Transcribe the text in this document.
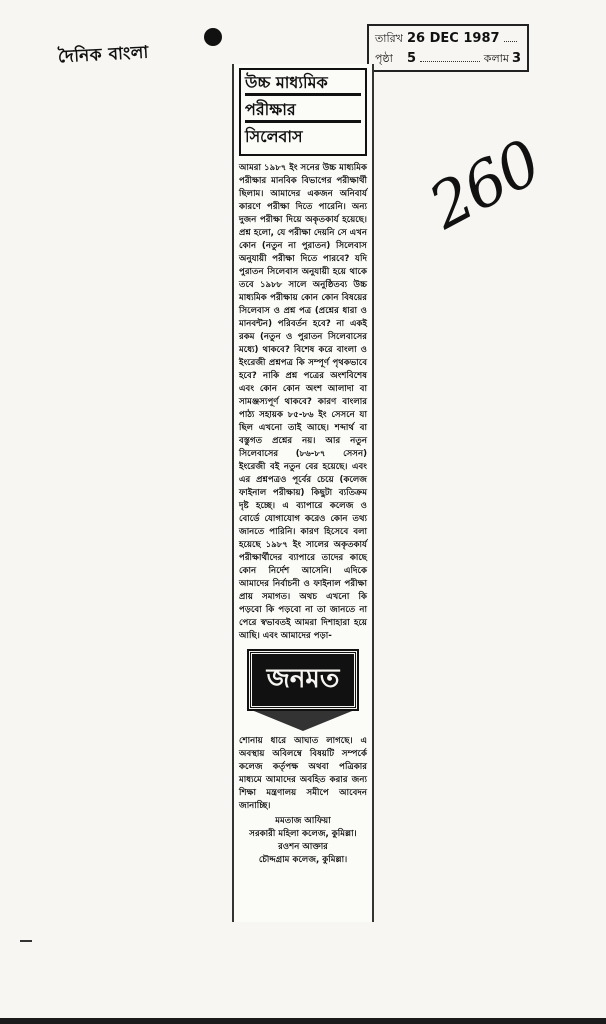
দৈনিক বাংলা
তারিখ 26 DEC 1987
পৃষ্ঠা	5	কলাম 3
260
উচ্চ মাধ্যমিক
পরীক্ষার
সিলেবাস
আমরা ১৯৮৭ ইং সনের উচ্চ মাধ্যমিক পরীক্ষার মানবিক বিভাগের পরীক্ষার্থী ছিলাম। আমাদের একজন অনিবার্য কারণে পরীক্ষা দিতে পারেনি। অন্য দুজন পরীক্ষা দিয়ে অকৃতকার্য হয়েছে। প্রশ্ন হলো, যে পরীক্ষা দেয়নি সে এখন কোন (নতুন না পুরাতন) সিলেবাস অনুযায়ী পরীক্ষা দিতে পারবে? যদি পুরাতন সিলেবাস অনুযায়ী হয়ে থাকে তবে ১৯৮৮ সালে অনুষ্ঠিতব্য উচ্চ মাধ্যমিক পরীক্ষায় কোন কোন বিষয়ের সিলেবাস ও প্রশ্ন পত্র (প্রশ্নের ধারা ও মানবন্টন) পরিবর্তন হবে? না একই রকম (নতুন ও পুরাতন সিলেবাসের মধ্যে) থাকবে? বিশেষ করে বাংলা ও ইংরেজী প্রশ্নপত্র কি সম্পূর্ণ পৃথকভাবে হবে? নাকি প্রশ্ন পত্রের অংশবিশেষ এবং কোন কোন অংশ আলাদা বা সামঞ্জস্যপূর্ণ থাকবে? কারণ বাংলার পাঠ্য সহায়ক ৮৫-৮৬ ইং সেসনে যা ছিল এখনো তাই আছে। শব্দার্থ বা বস্তুগত প্রশ্নের নয়। আর নতুন সিলেবাসের (৮৬-৮৭ সেসন) ইংরেজী বই নতুন বের হয়েছে। এবং এর প্রশ্নপত্রও পূর্বের চেয়ে (কলেজ ফাইনাল পরীক্ষায়) কিছুটা ব্যতিক্রম দৃষ্ট হচ্ছে। এ ব্যাপারে কলেজ ও বোর্ডে যোগাযোগ করেও কোন তথ্য জানতে পারিনি। কারণ হিসেবে বলা হয়েছে ১৯৮৭ ইং সালের অকৃতকার্য পরীক্ষার্থীদের ব্যাপারে তাদের কাছে কোন নির্দেশ আসেনি। এদিকে আমাদের নির্বাচনী ও ফাইনাল পরীক্ষা প্রায় সমাগত। অথচ এখনো কি পড়বো কি পড়বো না তা জানতে না পেরে স্বভাবতই আমরা দিশাহারা হয়ে আছি। এবং আমাদের পড়া-
জনমত
শোনায় ধারে আঘাত লাগছে। এ অবস্থায় অবিলম্বে বিষয়টি সম্পর্কে কলেজ কর্তৃপক্ষ অথবা পত্রিকার মাধ্যমে আমাদের অবহিত করার জন্য শিক্ষা মন্ত্রণালয় সমীপে আবেদন জানাচ্ছি।
মমতাজ আফিয়া
সরকারী মহিলা কলেজ, কুমিল্লা।
রওশন আক্তার
চৌদ্দগ্রাম কলেজ, কুমিল্লা।
